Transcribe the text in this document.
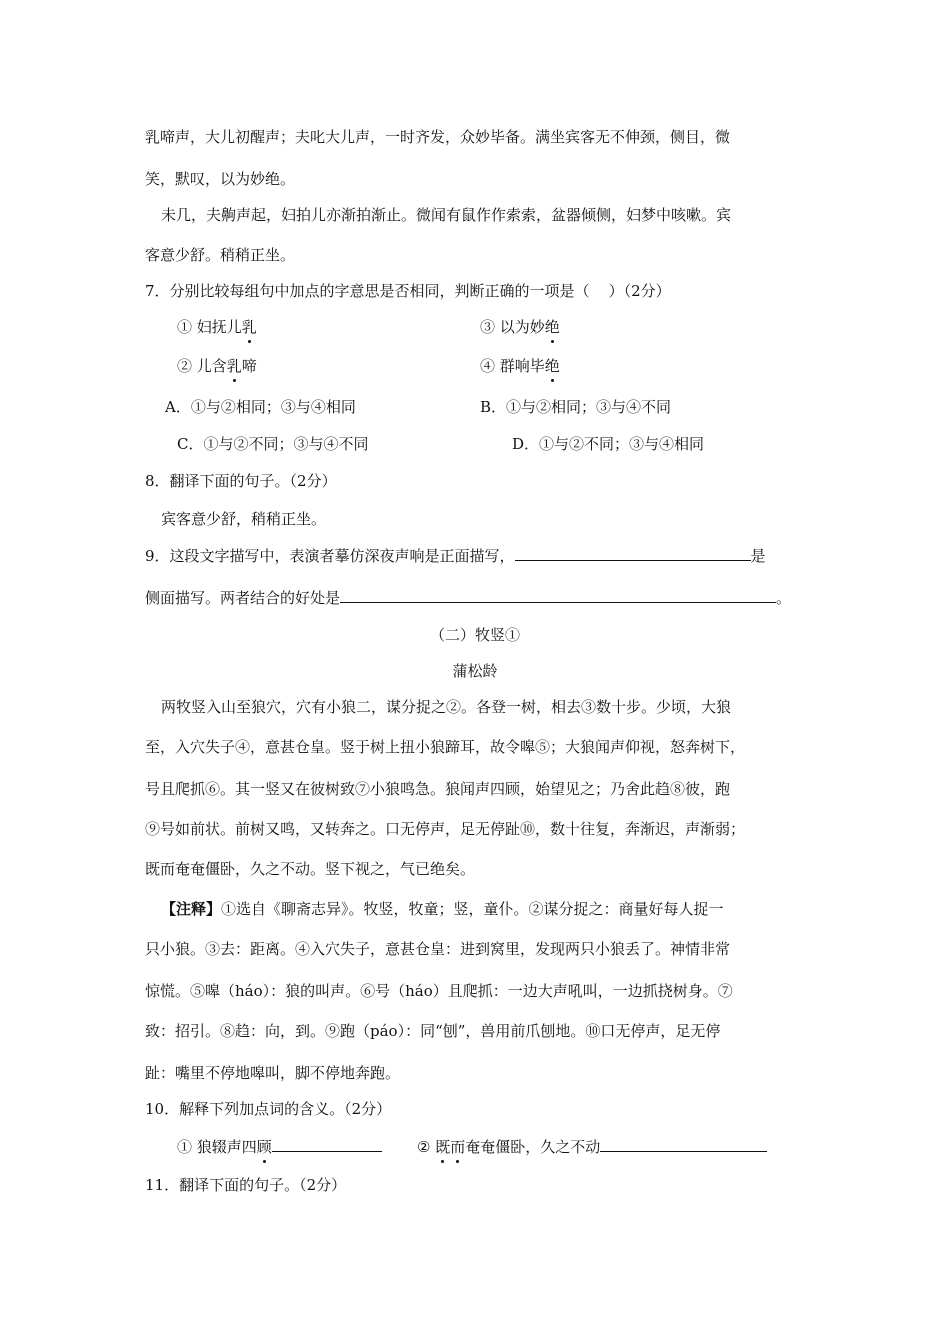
乳啼声，大儿初醒声；夫叱大儿声，一时齐发，众妙毕备。满坐宾客无不伸颈，侧目，微
笑，默叹，以为妙绝。
未几，夫齁声起，妇拍儿亦渐拍渐止。微闻有鼠作作索索，盆器倾侧，妇梦中咳嗽。宾
客意少舒。稍稍正坐。
7．分别比较每组句中加点的字意思是否相同，判断正确的一项是（    ）（2分）
① 妇抚儿乳	③ 以为妙绝
② 儿含乳啼	④ 群响毕绝
A．①与②相同；③与④相同	B．①与②相同；③与④不同
C．①与②不同；③与④不同	D．①与②不同；③与④相同
8．翻译下面的句子。（2分）
宾客意少舒，稍稍正坐。
9．这段文字描写中，表演者摹仿深夜声响是正面描写，	是
侧面描写。两者结合的好处是	。
（二）牧竖①
蒲松龄
两牧竖入山至狼穴，穴有小狼二，谋分捉之②。各登一树，相去③数十步。少顷，大狼
至，入穴失子④，意甚仓皇。竖于树上扭小狼蹄耳，故令嗥⑤；大狼闻声仰视，怒奔树下，
号且爬抓⑥。其一竖又在彼树致⑦小狼鸣急。狼闻声四顾，始望见之；乃舍此趋⑧彼，跑
⑨号如前状。前树又鸣，又转奔之。口无停声，足无停趾⑩，数十往复，奔渐迟，声渐弱；
既而奄奄僵卧，久之不动。竖下视之，气已绝矣。
【注释】①选自《聊斋志异》。牧竖，牧童；竖，童仆。②谋分捉之：商量好每人捉一
只小狼。③去：距离。④入穴失子，意甚仓皇：进到窝里，发现两只小狼丢了。神情非常
惊慌。⑤嗥（háo）：狼的叫声。⑥号（háo）且爬抓：一边大声吼叫，一边抓挠树身。⑦
致：招引。⑧趋：向，到。⑨跑（páo）：同“刨”，兽用前爪刨地。⑩口无停声，足无停
趾：嘴里不停地嗥叫，脚不停地奔跑。
10．解释下列加点词的含义。（2分）
① 狼辍声四顾	② 既而奄奄僵卧，久之不动
11．翻译下面的句子。（2分）
